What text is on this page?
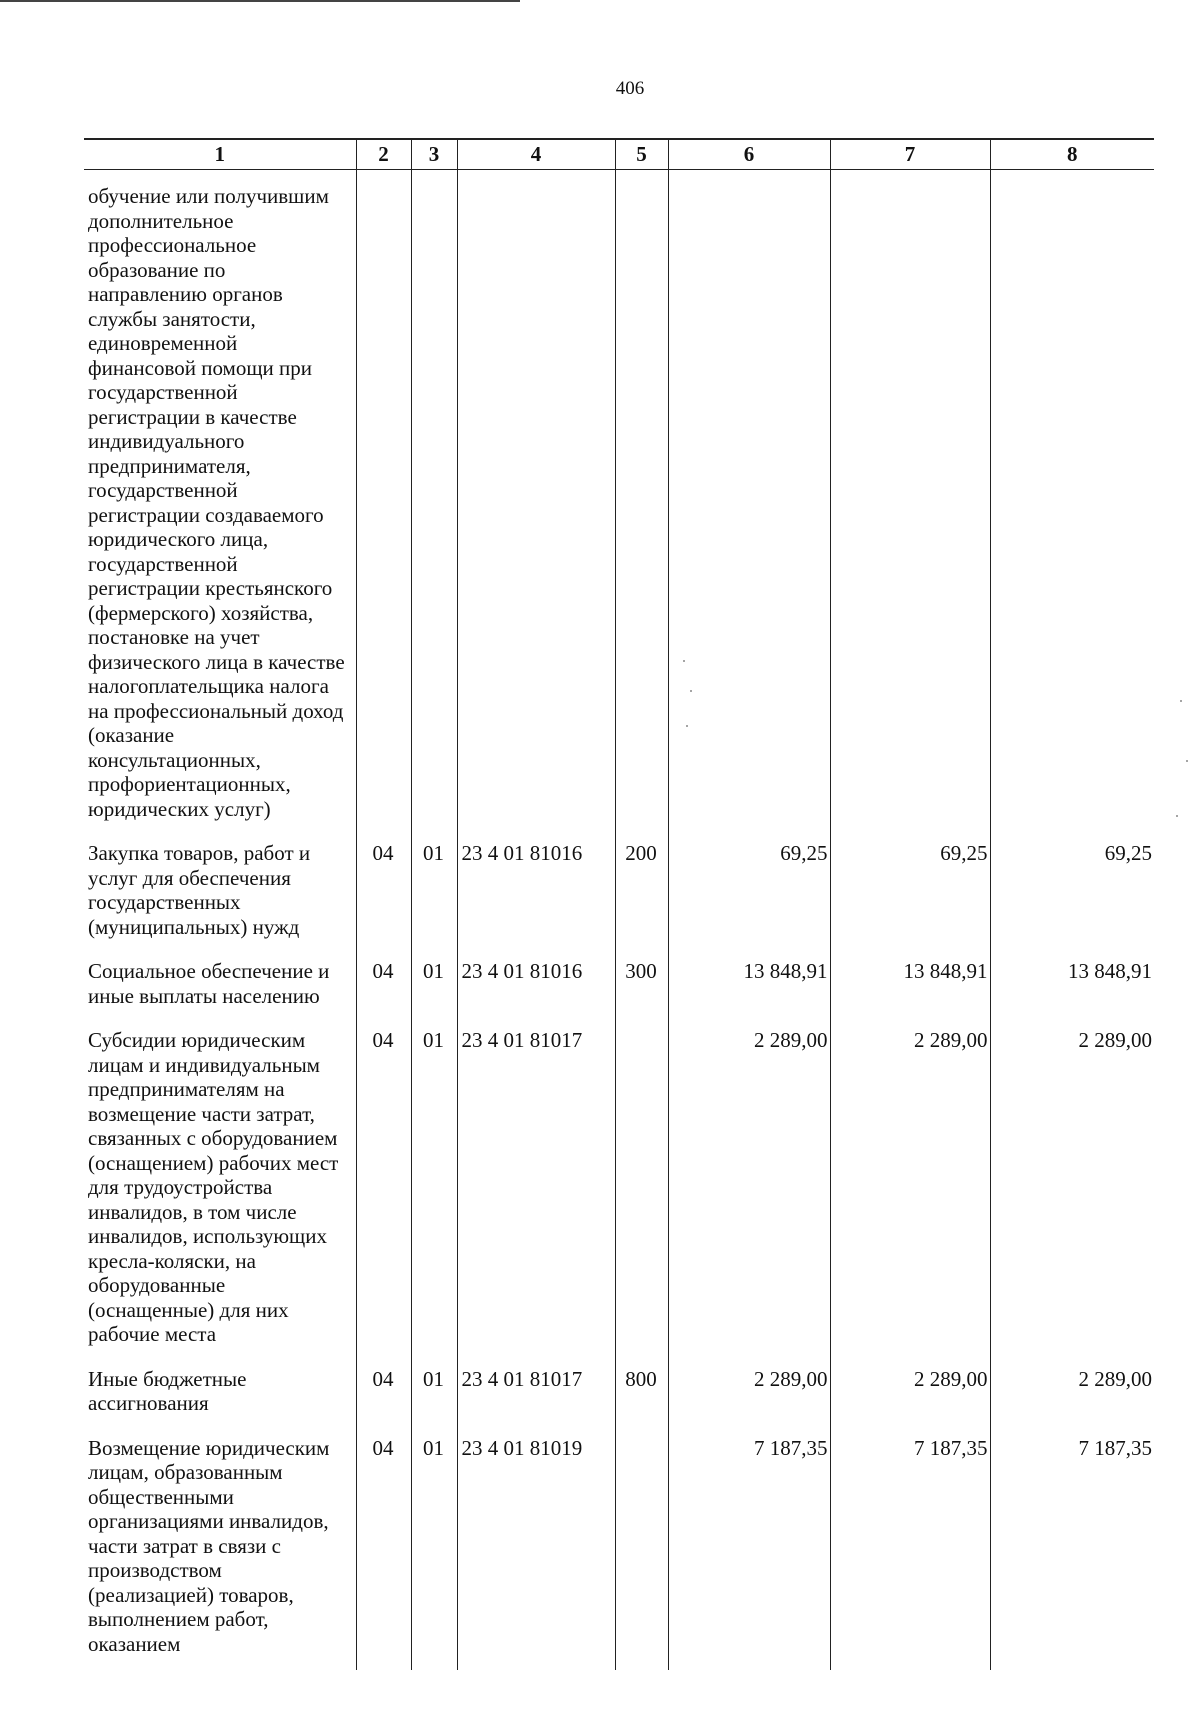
406
1	2	3	4	5	6	7	8

обучение или получившим дополнительное профессиональное образование по направлению органов службы занятости, единовременной финансовой помощи при государственной регистрации в качестве индивидуального предпринимателя, государственной регистрации создаваемого юридического лица, государственной регистрации крестьянского (фермерского) хозяйства, постановке на учет физического лица в качестве налогоплательщика налога на профессиональный доход (оказание консультационных, профориентационных, юридических услуг)							

Закупка товаров, работ и услуг для обеспечения государственных (муниципальных) нужд	04	01	23 4 01 81016	200	69,25	69,25	69,25

Социальное обеспечение и иные выплаты населению	04	01	23 4 01 81016	300	13 848,91	13 848,91	13 848,91

Субсидии юридическим лицам и индивидуальным предпринимателям на возмещение части затрат, связанных с оборудованием (оснащением) рабочих мест для трудоустройства инвалидов, в том числе инвалидов, использующих кресла-коляски, на оборудованные (оснащенные) для них рабочие места	04	01	23 4 01 81017		2 289,00	2 289,00	2 289,00

Иные бюджетные ассигнования	04	01	23 4 01 81017	800	2 289,00	2 289,00	2 289,00

Возмещение юридическим лицам, образованным общественными организациями инвалидов, части затрат в связи с производством (реализацией) товаров, выполнением работ, оказанием	04	01	23 4 01 81019		7 187,35	7 187,35	7 187,35
